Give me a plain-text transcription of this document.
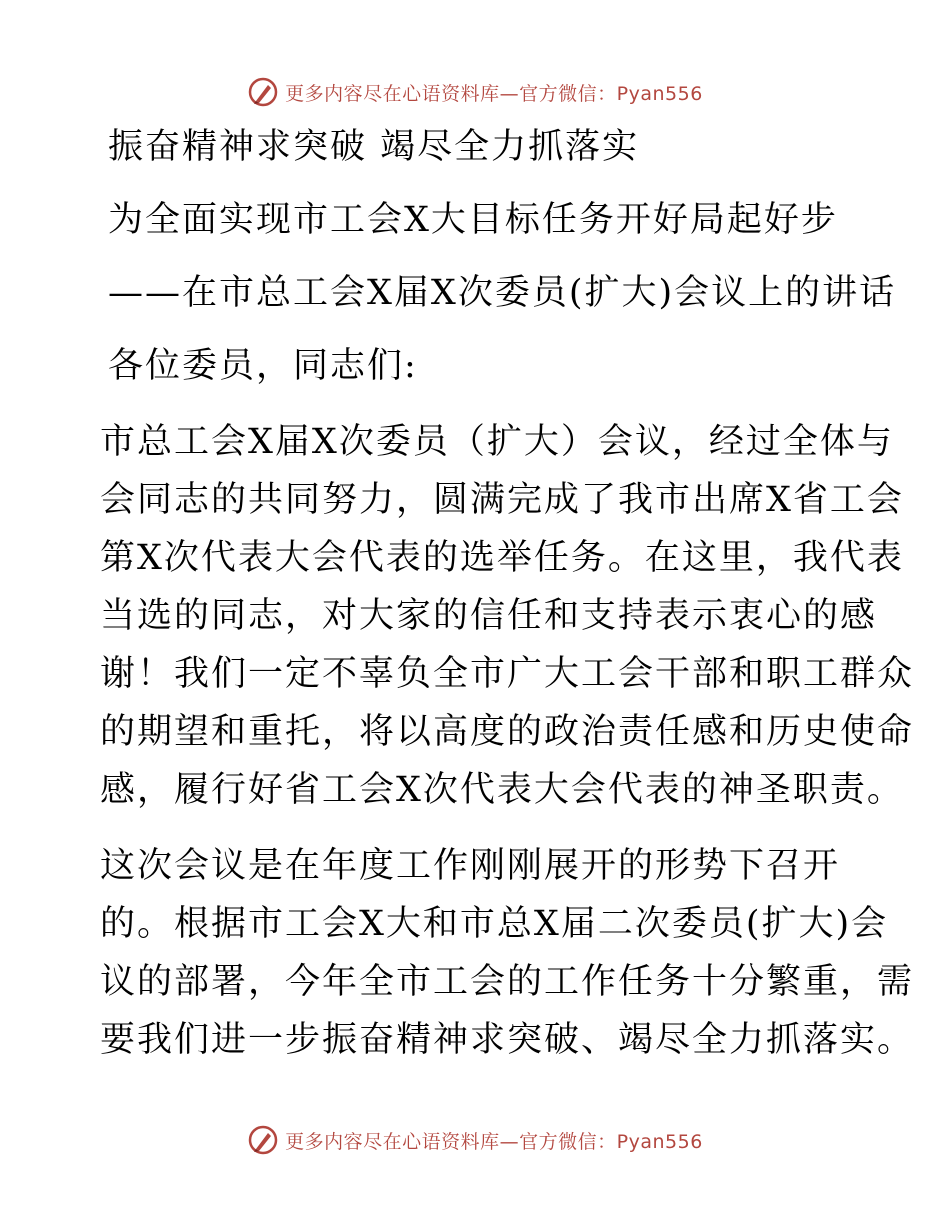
更多内容尽在心语资料库—官方微信：Pyan556
振奋精神求突破 竭尽全力抓落实
为全面实现市工会X大目标任务开好局起好步
——在市总工会X届X次委员(扩大)会议上的讲话
各位委员，同志们:
市总工会X届X次委员（扩大）会议，经过全体与
会同志的共同努力，圆满完成了我市出席X省工会
第X次代表大会代表的选举任务。在这里，我代表
当选的同志，对大家的信任和支持表示衷心的感
谢！我们一定不辜负全市广大工会干部和职工群众
的期望和重托，将以高度的政治责任感和历史使命
感，履行好省工会X次代表大会代表的神圣职责。
这次会议是在年度工作刚刚展开的形势下召开
的。根据市工会X大和市总X届二次委员(扩大)会
议的部署，今年全市工会的工作任务十分繁重，需
要我们进一步振奋精神求突破、竭尽全力抓落实。
更多内容尽在心语资料库—官方微信：Pyan556
